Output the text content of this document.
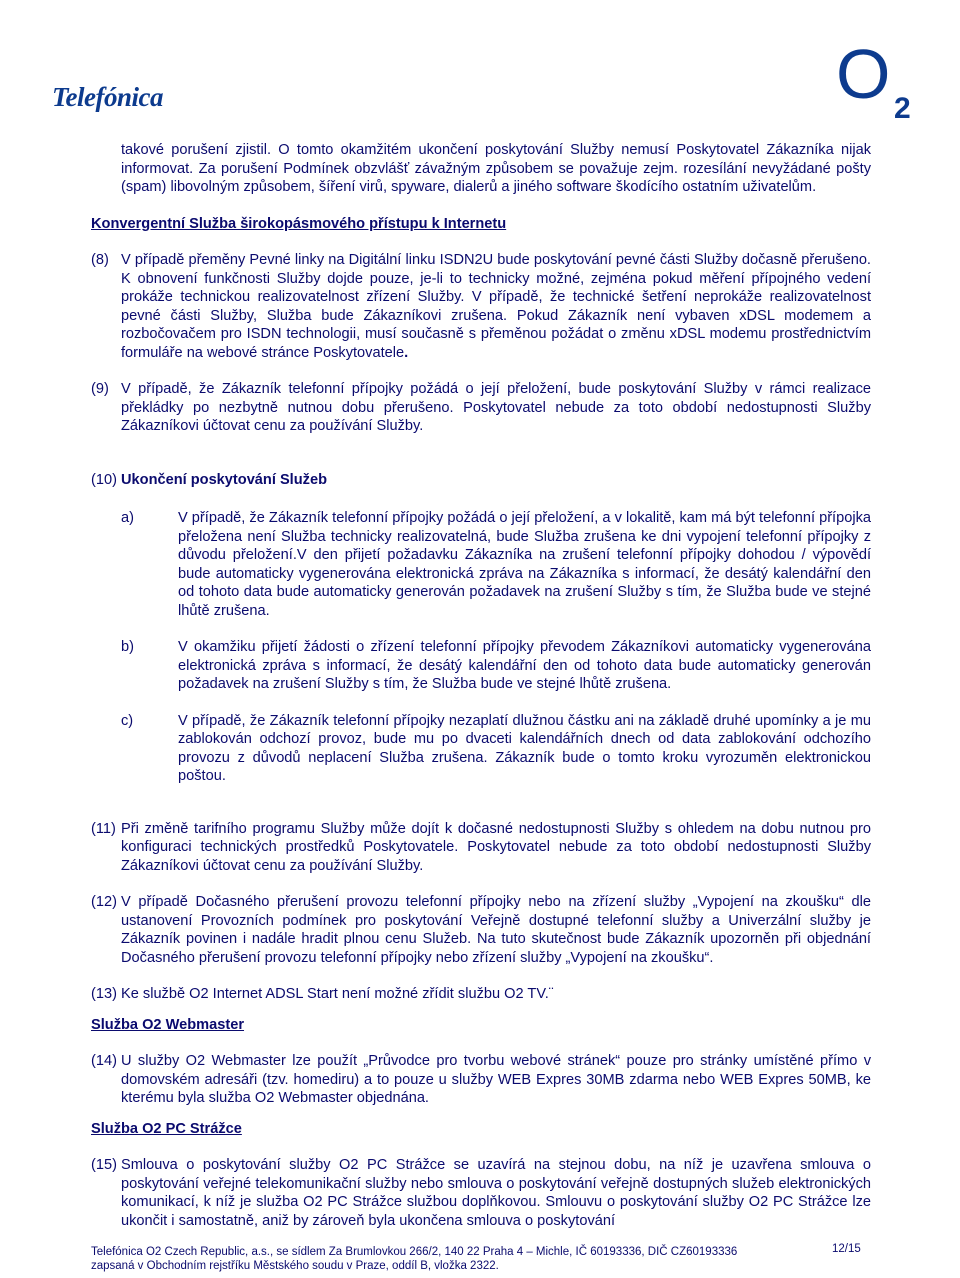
Telefónica	O 2

takové porušení zjistil. O tomto okamžitém ukončení poskytování Služby nemusí Poskytovatel Zákazníka nijak informovat. Za porušení Podmínek obzvlášť závažným způsobem se považuje zejm. rozesílání nevyžádané pošty (spam) libovolným způsobem, šíření virů, spyware, dialerů a jiného software škodícího ostatním uživatelům.

Konvergentní Služba širokopásmového přístupu k Internetu

(8) V případě přeměny Pevné linky na Digitální linku ISDN2U bude poskytování pevné části Služby dočasně přerušeno. K obnovení funkčnosti Služby dojde pouze, je-li to technicky možné, zejména pokud měření přípojného vedení prokáže technickou realizovatelnost zřízení Služby. V případě, že technické šetření neprokáže realizovatelnost pevné části Služby, Služba bude Zákazníkovi zrušena. Pokud Zákazník není vybaven xDSL modemem a rozbočovačem pro ISDN technologii, musí současně s přeměnou požádat o změnu xDSL modemu prostřednictvím formuláře na webové stránce Poskytovatele.
(9) V případě, že Zákazník telefonní přípojky požádá o její přeložení, bude poskytování Služby v rámci realizace překládky po nezbytně nutnou dobu přerušeno. Poskytovatel nebude za toto období nedostupnosti Služby Zákazníkovi účtovat cenu za používání Služby.
(10) Ukončení poskytování Služeb
a)	V případě, že Zákazník telefonní přípojky požádá o její přeložení, a v lokalitě, kam má být telefonní přípojka přeložena není Služba technicky realizovatelná, bude Služba zrušena ke dni vypojení telefonní přípojky z důvodu přeložení.V den přijetí požadavku Zákazníka na zrušení telefonní přípojky dohodou / výpovědí bude automaticky vygenerována elektronická zpráva na Zákazníka s informací, že desátý kalendářní den od tohoto data bude automaticky generován požadavek na zrušení Služby s tím, že Služba bude ve stejné lhůtě zrušena.
b)	V okamžiku přijetí žádosti o zřízení telefonní přípojky převodem Zákazníkovi automaticky vygenerována elektronická zpráva s informací, že desátý kalendářní den od tohoto data bude automaticky generován požadavek na zrušení Služby s tím, že Služba bude ve stejné lhůtě zrušena.
c)	V případě, že Zákazník telefonní přípojky nezaplatí dlužnou částku ani na základě druhé upomínky a je mu zablokován odchozí provoz, bude mu po dvaceti kalendářních dnech od data zablokování odchozího provozu z důvodů neplacení Služba zrušena. Zákazník bude o tomto kroku vyrozuměn elektronickou poštou.
(11) Při změně tarifního programu Služby může dojít k dočasné nedostupnosti Služby s ohledem na dobu nutnou pro konfiguraci technických prostředků Poskytovatele. Poskytovatel nebude za toto období nedostupnosti Služby Zákazníkovi účtovat cenu za používání Služby.
(12) V případě Dočasného přerušení provozu telefonní přípojky nebo na zřízení služby „Vypojení na zkoušku“ dle ustanovení Provozních podmínek pro poskytování Veřejně dostupné telefonní služby a Univerzální služby je Zákazník povinen i nadále hradit plnou cenu Služeb. Na tuto skutečnost bude Zákazník upozorněn při objednání Dočasného přerušení provozu telefonní přípojky nebo zřízení služby „Vypojení na zkoušku“.
(13) Ke službě O2 Internet ADSL Start není možné zřídit službu O2 TV.¨

Služba O2 Webmaster

(14) U služby O2 Webmaster lze použít „Průvodce pro tvorbu webové stránek“ pouze pro stránky umístěné přímo v domovském adresáři (tzv. homediru) a to pouze u služby WEB Expres 30MB zdarma nebo WEB Expres 50MB, ke kterému byla služba O2 Webmaster objednána.

Služba O2 PC Strážce

(15) Smlouva o poskytování služby O2 PC Strážce se uzavírá na stejnou dobu, na níž je uzavřena smlouva o poskytování veřejné telekomunikační služby nebo smlouva o poskytování veřejně dostupných služeb elektronických komunikací, k níž je služba O2 PC Strážce službou doplňkovou. Smlouvu o poskytování služby O2 PC Strážce lze ukončit i samostatně, aniž by zároveň byla ukončena smlouva o poskytování
Telefónica O2 Czech Republic, a.s., se sídlem Za Brumlovkou 266/2, 140 22 Praha 4 – Michle, IČ 60193336, DIČ CZ60193336
zapsaná v Obchodním rejstříku Městského soudu v Praze, oddíl B, vložka 2322.
12/15
